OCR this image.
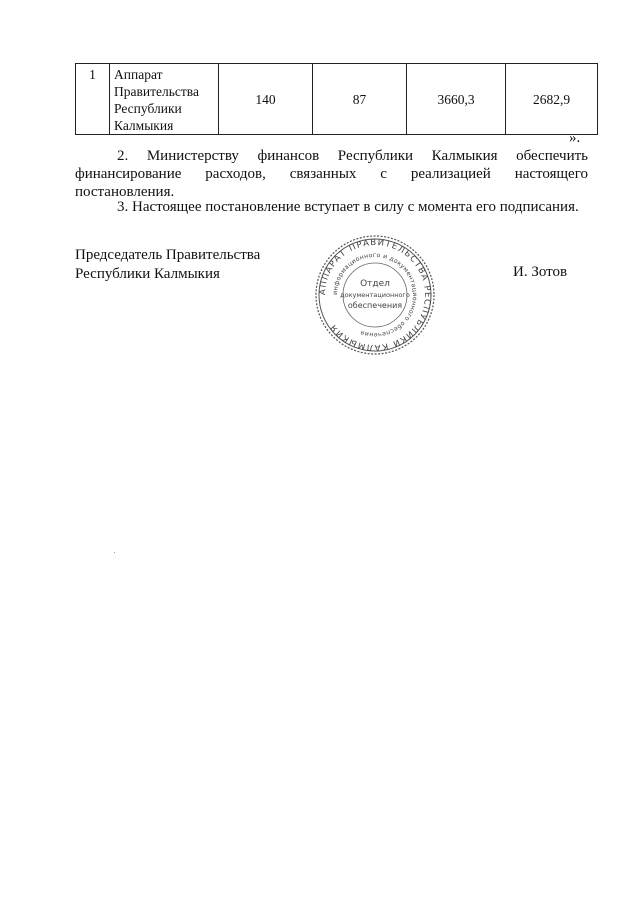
1	Аппарат
Правительства
Республики
Калмыкия
	140	87	3660,3	2682,9
».
2. Министерству финансов Республики Калмыкия обеспечить финансирование расходов, связанных с реализацией настоящего постановления.
3. Настоящее постановление вступает в силу с момента его подписания.
Председатель Правительства
Республики Калмыкия
АППАРАТ ПРАВИТЕЛЬСТВА РЕСПУБЛИКИ КАЛМЫКИЯ
информационного и документационного обеспечения
Отдел
документационного
обеспечения
И. Зотов
